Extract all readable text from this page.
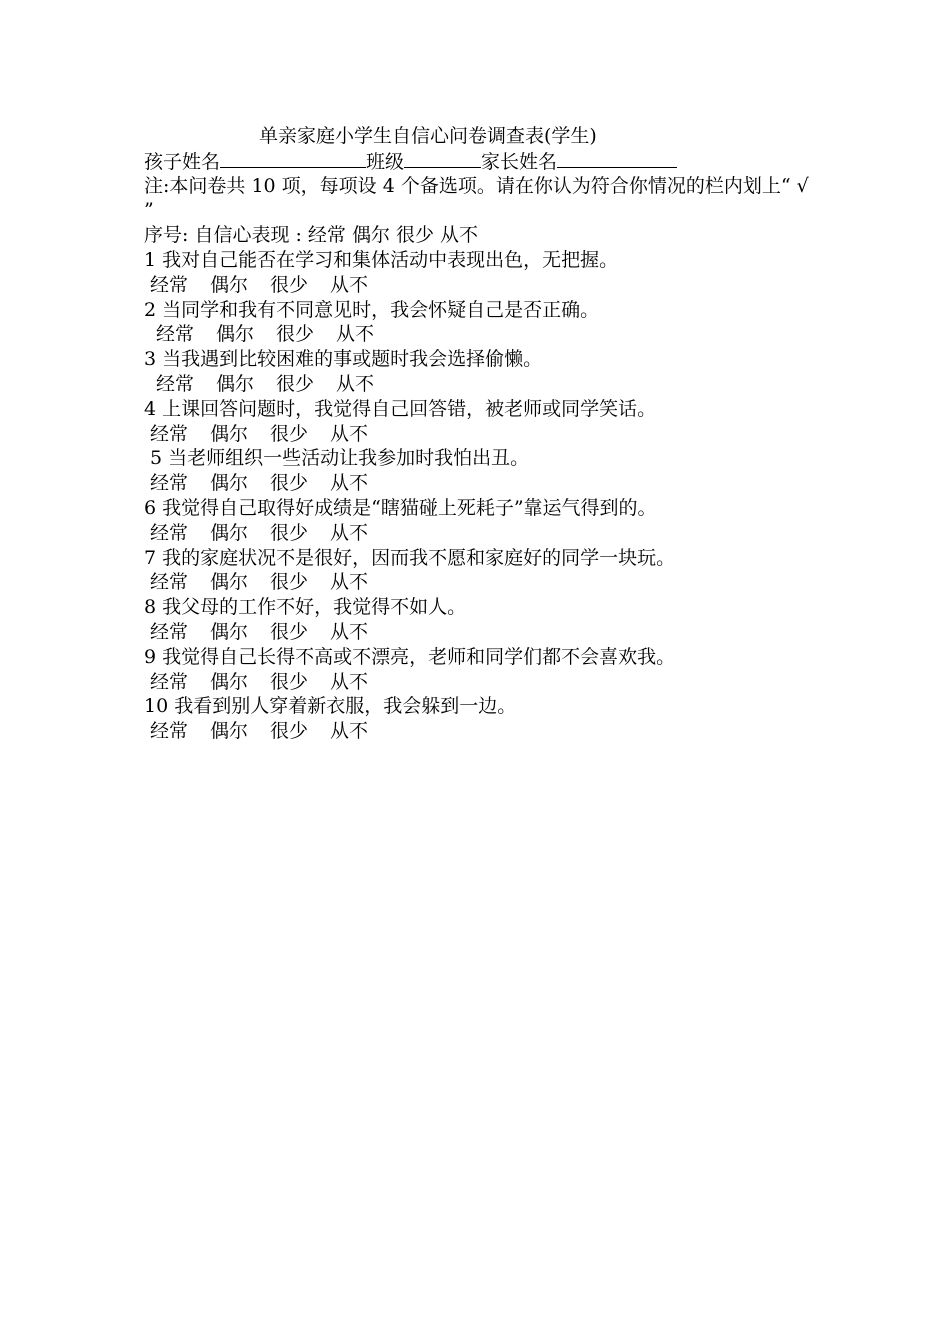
单亲家庭小学生自信心问卷调查表(学生)
孩子姓名	班级	家长姓名
注:本问卷共 10 项，每项设 4 个备选项。请在你认为符合你情况的栏内划上“ √ ”
序号: 自信心表现 : 经常 偶尔 很少 从不
1 我对自己能否在学习和集体活动中表现出色，无把握。
经常 偶尔 很少 从不
2 当同学和我有不同意见时，我会怀疑自己是否正确。
经常 偶尔 很少 从不
3 当我遇到比较困难的事或题时我会选择偷懒。
经常 偶尔 很少 从不
4 上课回答问题时，我觉得自己回答错，被老师或同学笑话。
经常 偶尔 很少 从不
5 当老师组织一些活动让我参加时我怕出丑。
经常 偶尔 很少 从不
6 我觉得自己取得好成绩是“瞎猫碰上死耗子”靠运气得到的。
经常 偶尔 很少 从不
7 我的家庭状况不是很好，因而我不愿和家庭好的同学一块玩。
经常 偶尔 很少 从不
8 我父母的工作不好，我觉得不如人。
经常 偶尔 很少 从不
9 我觉得自己长得不高或不漂亮，老师和同学们都不会喜欢我。
经常 偶尔 很少 从不
10 我看到别人穿着新衣服，我会躲到一边。
经常 偶尔 很少 从不
